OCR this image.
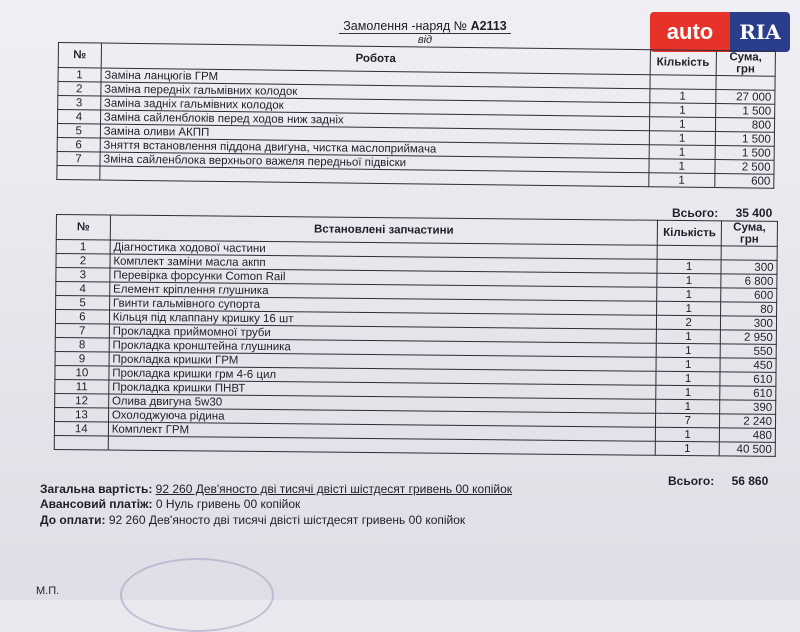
Замолення -наряд № A2113
від	auto	RIA
№	Робота	Кількість	Сума, грн
1	Заміна ланцюгів ГРМ		
2	Заміна передніх гальмівних колодок	1	27 000
3	Заміна задніх гальмівних колодок	1	1 500
4	Заміна сайленблоків перед ходов ниж задніх	1	800
5	Заміна оливи АКПП	1	1 500
6	Зняття встановлення піддона двигуна, чистка маслоприймача	1	1 500
7	Зміна сайленблока верхнього важеля передньої підвіски	1	2 500
		1	600
Всього: 35 400
№	Встановлені запчастини	Кількість	Сума, грн
1	Діагностика ходової частини		
2	Комплект заміни масла акпп	1	300
3	Перевірка форсунки Comon Rail	1	6 800
4	Елемент кріплення глушника	1	600
5	Гвинти гальмівного супорта	1	80
6	Кільця під клаппану кришку 16 шт	2	300
7	Прокладка приймомної труби	1	2 950
8	Прокладка кронштейна глушника	1	550
9	Прокладка кришки ГРМ	1	450
10	Прокладка кришки грм 4-6 цил	1	610
11	Прокладка кришки ПНВТ	1	610
12	Олива двигуна 5w30	1	390
13	Охолоджуюча рідина	7	2 240
14	Комплект ГРМ	1	480
		1	40 500
Всього: 56 860
Загальна вартість: 92 260 Дев'яносто дві тисячі двісті шістдесят гривень 00 копійок
Авансовий платіж: 0 Нуль гривень 00 копійок
До оплати: 92 260 Дев'яносто дві тисячі двісті шістдесят гривень 00 копійок
М.П.
